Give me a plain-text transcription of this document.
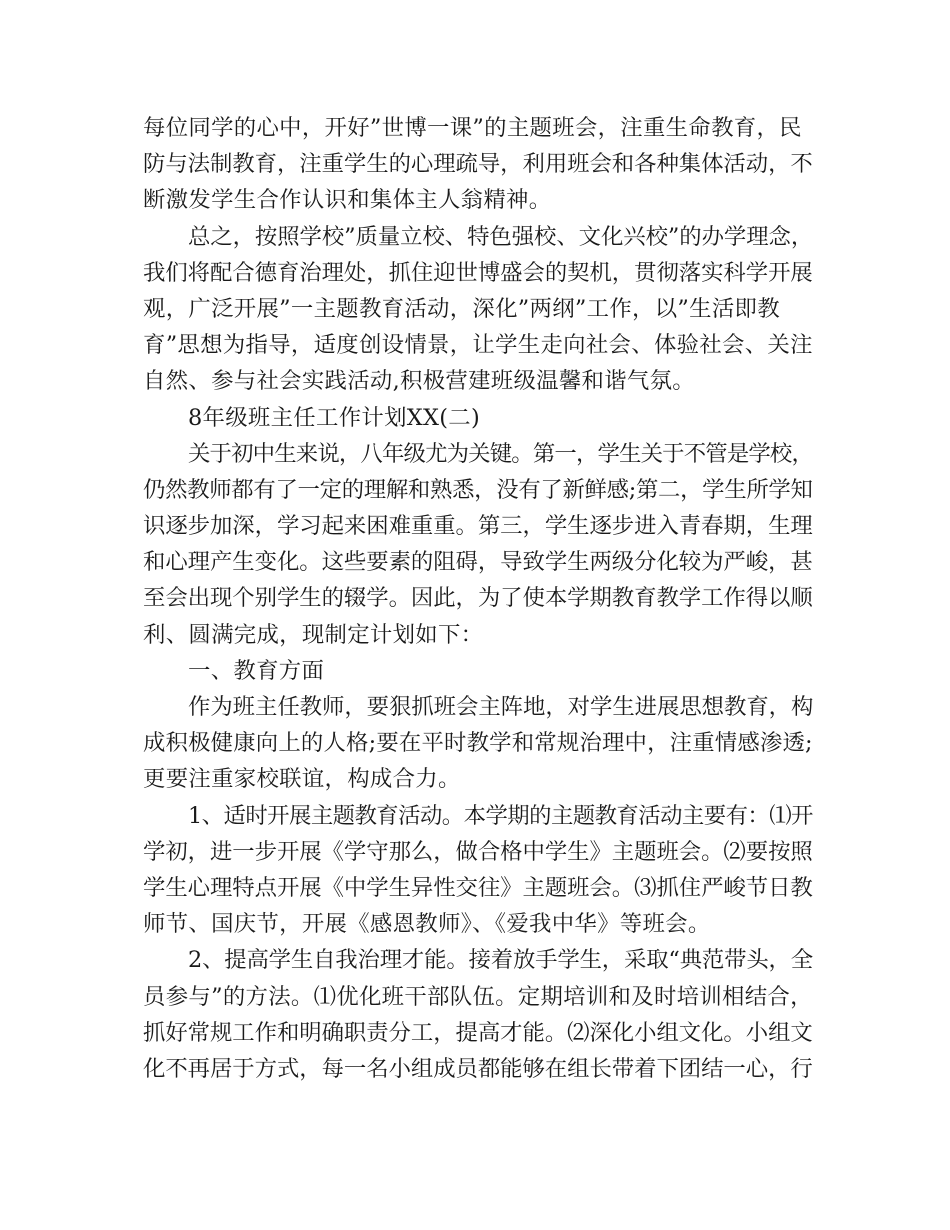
每位同学的心中，开好”世博一课”的主题班会，注重生命教育，民
防与法制教育，注重学生的心理疏导，利用班会和各种集体活动，不
断激发学生合作认识和集体主人翁精神。
总之，按照学校”质量立校、特色强校、文化兴校”的办学理念，
我们将配合德育治理处，抓住迎世博盛会的契机，贯彻落实科学开展
观，广泛开展”一主题教育活动，深化”两纲”工作，以”生活即教
育”思想为指导，适度创设情景，让学生走向社会、体验社会、关注
自然、参与社会实践活动,积极营建班级温馨和谐气氛。
8年级班主任工作计划XX(二)
关于初中生来说，八年级尤为关键。第一，学生关于不管是学校，
仍然教师都有了一定的理解和熟悉，没有了新鲜感;第二，学生所学知
识逐步加深，学习起来困难重重。第三，学生逐步进入青春期，生理
和心理产生变化。这些要素的阻碍，导致学生两级分化较为严峻，甚
至会出现个别学生的辍学。因此，为了使本学期教育教学工作得以顺
利、圆满完成，现制定计划如下：
一、教育方面
作为班主任教师，要狠抓班会主阵地，对学生进展思想教育，构
成积极健康向上的人格;要在平时教学和常规治理中，注重情感渗透;
更要注重家校联谊，构成合力。
1、适时开展主题教育活动。本学期的主题教育活动主要有：⑴开
学初，进一步开展《学守那么，做合格中学生》主题班会。⑵要按照
学生心理特点开展《中学生异性交往》主题班会。⑶抓住严峻节日教
师节、国庆节，开展《感恩教师》、《爱我中华》等班会。
2、提高学生自我治理才能。接着放手学生，采取“典范带头，全
员参与”的方法。⑴优化班干部队伍。定期培训和及时培训相结合，
抓好常规工作和明确职责分工，提高才能。⑵深化小组文化。小组文
化不再居于方式，每一名小组成员都能够在组长带着下团结一心，行
